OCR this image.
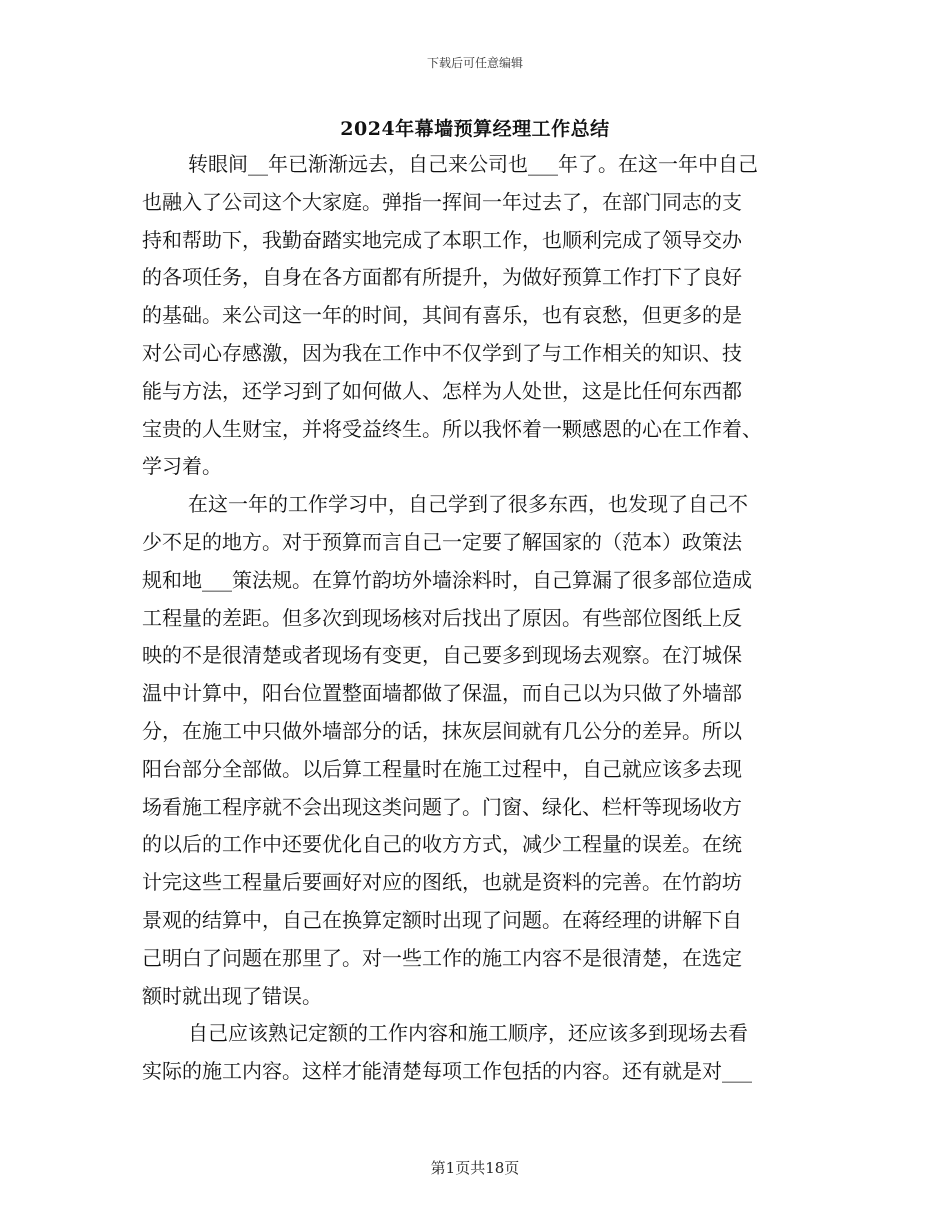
下载后可任意编辑
2024年幕墙预算经理工作总结
转眼间__年已渐渐远去，自己来公司也___年了。在这一年中自己
也融入了公司这个大家庭。弹指一挥间一年过去了，在部门同志的支
持和帮助下，我勤奋踏实地完成了本职工作，也顺利完成了领导交办
的各项任务，自身在各方面都有所提升，为做好预算工作打下了良好
的基础。来公司这一年的时间，其间有喜乐，也有哀愁，但更多的是
对公司心存感激，因为我在工作中不仅学到了与工作相关的知识、技
能与方法，还学习到了如何做人、怎样为人处世，这是比任何东西都
宝贵的人生财宝，并将受益终生。所以我怀着一颗感恩的心在工作着、
学习着。
在这一年的工作学习中，自己学到了很多东西，也发现了自己不
少不足的地方。对于预算而言自己一定要了解国家的（范本）政策法
规和地___策法规。在算竹韵坊外墙涂料时，自己算漏了很多部位造成
工程量的差距。但多次到现场核对后找出了原因。有些部位图纸上反
映的不是很清楚或者现场有变更，自己要多到现场去观察。在汀城保
温中计算中，阳台位置整面墙都做了保温，而自己以为只做了外墙部
分，在施工中只做外墙部分的话，抹灰层间就有几公分的差异。所以
阳台部分全部做。以后算工程量时在施工过程中，自己就应该多去现
场看施工程序就不会出现这类问题了。门窗、绿化、栏杆等现场收方
的以后的工作中还要优化自己的收方方式，减少工程量的误差。在统
计完这些工程量后要画好对应的图纸，也就是资料的完善。在竹韵坊
景观的结算中，自己在换算定额时出现了问题。在蒋经理的讲解下自
己明白了问题在那里了。对一些工作的施工内容不是很清楚，在选定
额时就出现了错误。
自己应该熟记定额的工作内容和施工顺序，还应该多到现场去看
实际的施工内容。这样才能清楚每项工作包括的内容。还有就是对___
第1页共18页
